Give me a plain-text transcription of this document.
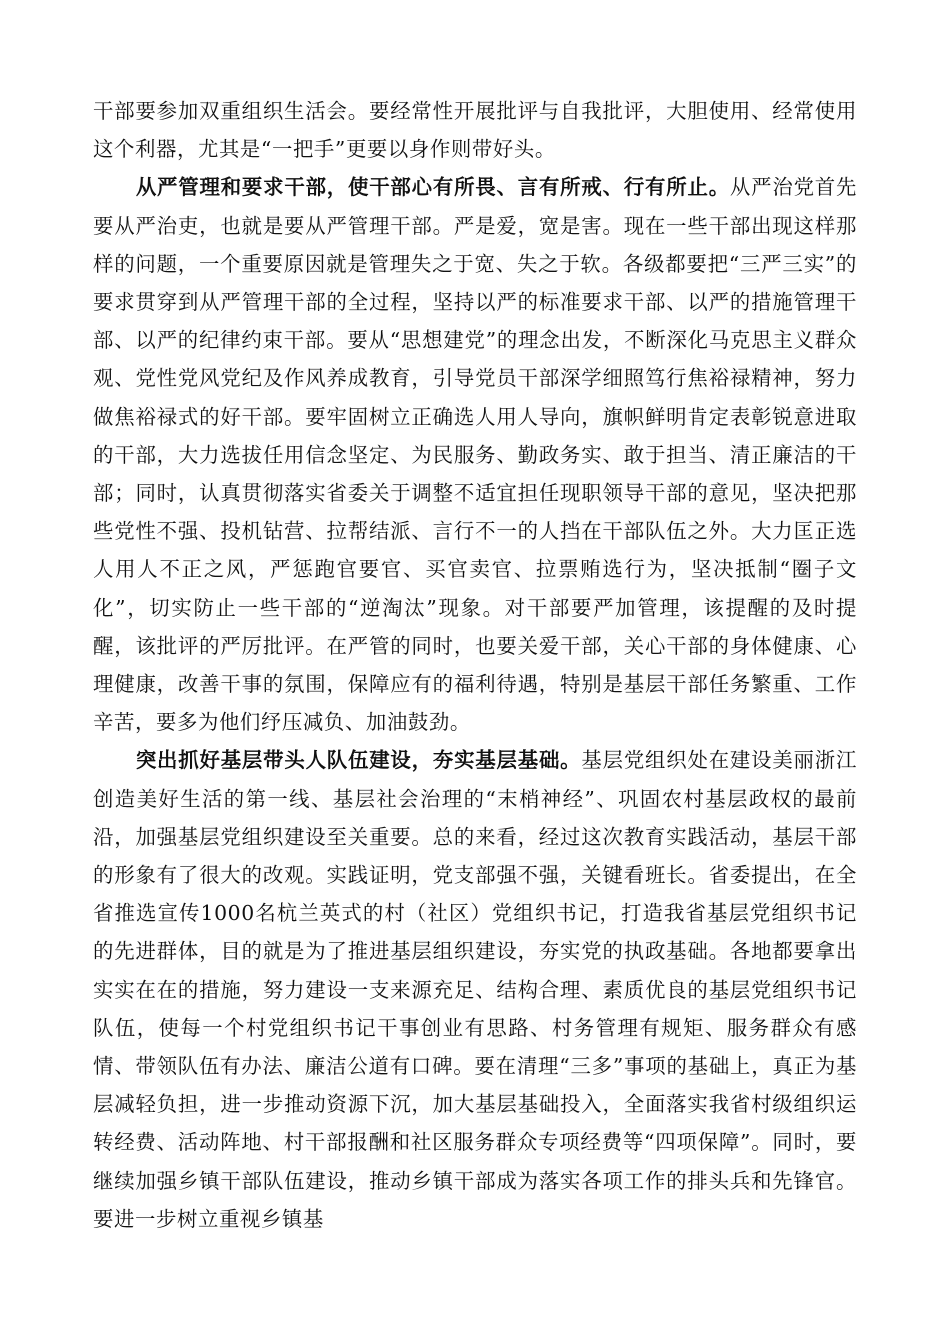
干部要参加双重组织生活会。要经常性开展批评与自我批评，大胆使用、经常使用这个利器，尤其是“一把手”更要以身作则带好头。

从严管理和要求干部，使干部心有所畏、言有所戒、行有所止。从严治党首先要从严治吏，也就是要从严管理干部。严是爱，宽是害。现在一些干部出现这样那样的问题，一个重要原因就是管理失之于宽、失之于软。各级都要把“三严三实”的要求贯穿到从严管理干部的全过程，坚持以严的标准要求干部、以严的措施管理干部、以严的纪律约束干部。要从“思想建党”的理念出发，不断深化马克思主义群众观、党性党风党纪及作风养成教育，引导党员干部深学细照笃行焦裕禄精神，努力做焦裕禄式的好干部。要牢固树立正确选人用人导向，旗帜鲜明肯定表彰锐意进取的干部，大力选拔任用信念坚定、为民服务、勤政务实、敢于担当、清正廉洁的干部；同时，认真贯彻落实省委关于调整不适宜担任现职领导干部的意见，坚决把那些党性不强、投机钻营、拉帮结派、言行不一的人挡在干部队伍之外。大力匡正选人用人不正之风，严惩跑官要官、买官卖官、拉票贿选行为，坚决抵制“圈子文化”，切实防止一些干部的“逆淘汰”现象。对干部要严加管理，该提醒的及时提醒，该批评的严厉批评。在严管的同时，也要关爱干部，关心干部的身体健康、心理健康，改善干事的氛围，保障应有的福利待遇，特别是基层干部任务繁重、工作辛苦，要多为他们纾压减负、加油鼓劲。

突出抓好基层带头人队伍建设，夯实基层基础。基层党组织处在建设美丽浙江创造美好生活的第一线、基层社会治理的“末梢神经”、巩固农村基层政权的最前沿，加强基层党组织建设至关重要。总的来看，经过这次教育实践活动，基层干部的形象有了很大的改观。实践证明，党支部强不强，关键看班长。省委提出，在全省推选宣传1000名杭兰英式的村（社区）党组织书记，打造我省基层党组织书记的先进群体，目的就是为了推进基层组织建设，夯实党的执政基础。各地都要拿出实实在在的措施，努力建设一支来源充足、结构合理、素质优良的基层党组织书记队伍，使每一个村党组织书记干事创业有思路、村务管理有规矩、服务群众有感情、带领队伍有办法、廉洁公道有口碑。要在清理“三多”事项的基础上，真正为基层减轻负担，进一步推动资源下沉，加大基层基础投入，全面落实我省村级组织运转经费、活动阵地、村干部报酬和社区服务群众专项经费等“四项保障”。同时，要继续加强乡镇干部队伍建设，推动乡镇干部成为落实各项工作的排头兵和先锋官。要进一步树立重视乡镇基
